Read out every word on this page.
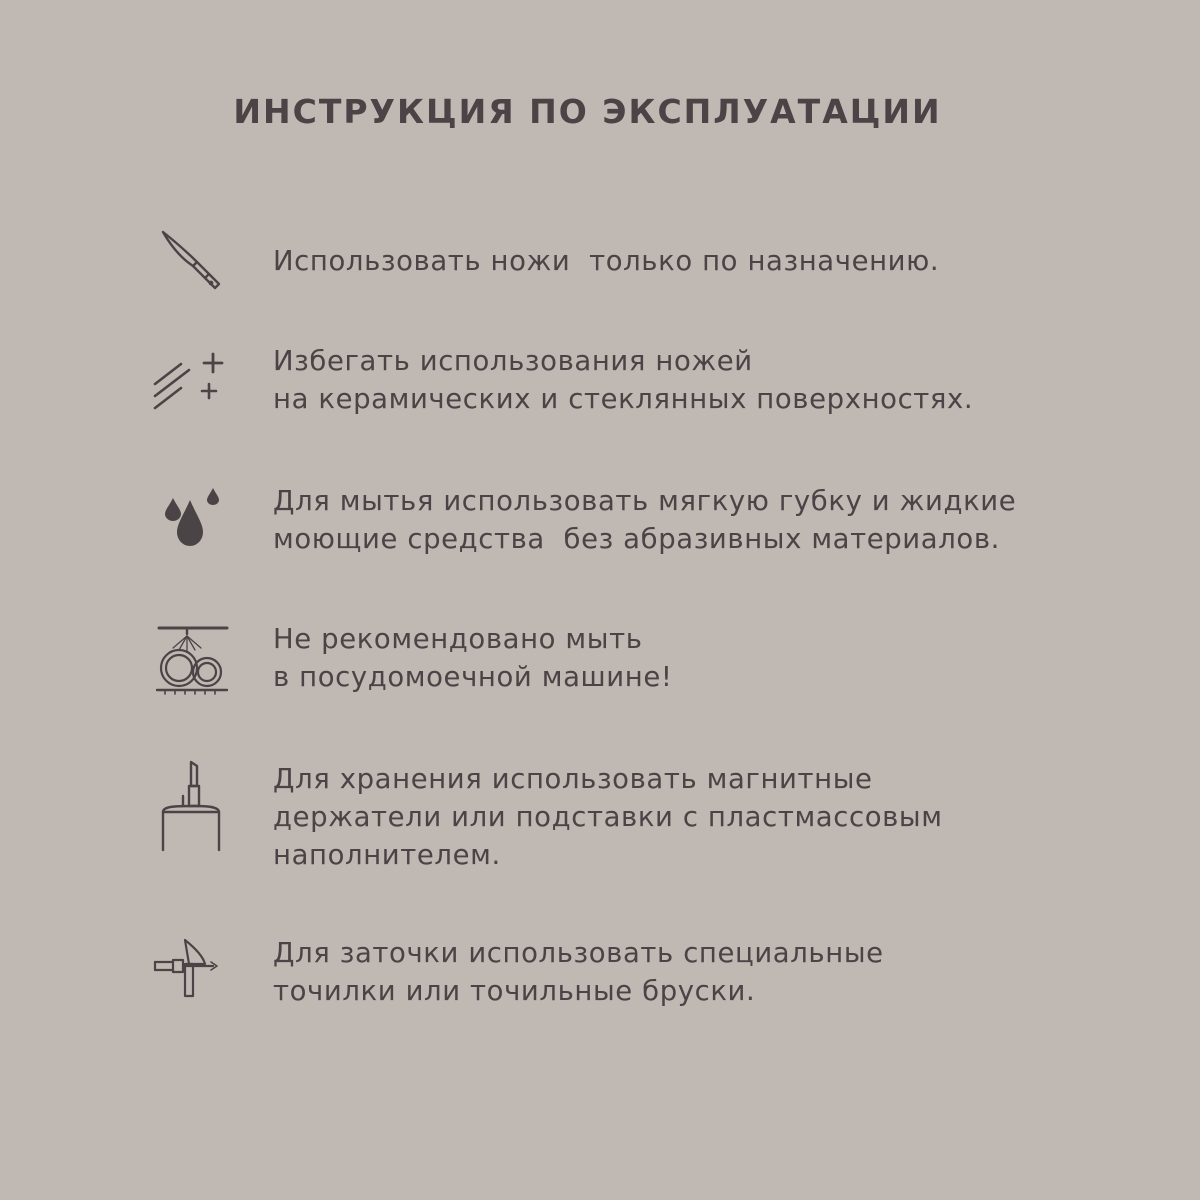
ИНСТРУКЦИЯ ПО ЭКСПЛУАТАЦИИ
Использовать ножи  только по назначению.
Избегать использования ножей
на керамических и стеклянных поверхностях.
Для мытья использовать мягкую губку и жидкие
моющие средства  без абразивных материалов.
Не рекомендовано мыть
в посудомоечной машине!
Для хранения использовать магнитные
держатели или подставки с пластмассовым
наполнителем.
Для заточки использовать специальные
точилки или точильные бруски.
